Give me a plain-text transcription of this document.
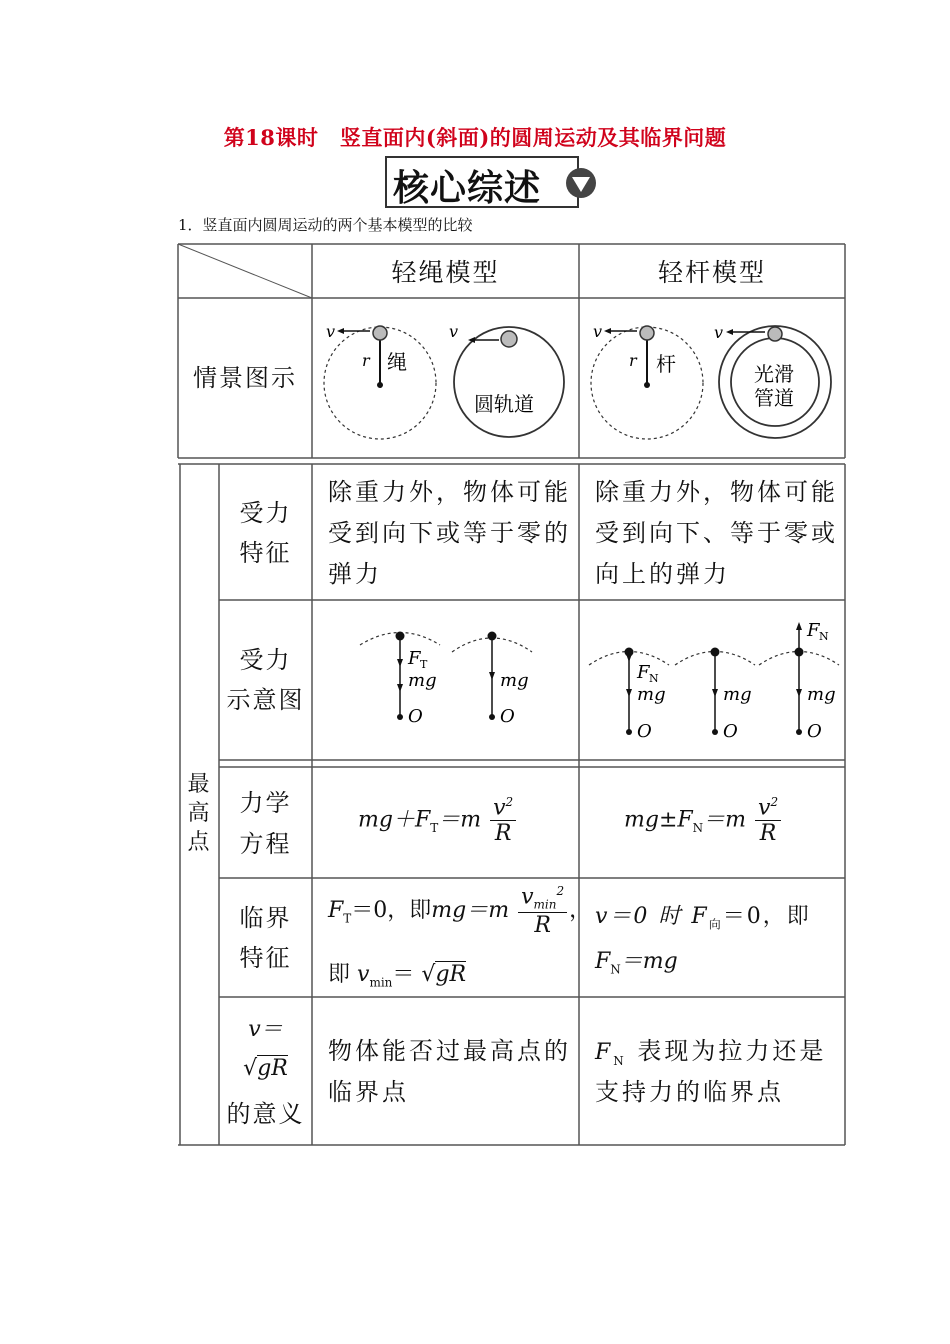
第18课时　竖直面内(斜面)的圆周运动及其临界问题
核心综述
1．竖直面内圆周运动的两个基本模型的比较
轻绳模型	轻杆模型
情景图示
v
r 绳
v
圆轨道
v
r 杆
v
光滑
管道
最高点
受力
特征
除重力外，物体可能
受到向下或等于零的
弹力
除重力外，物体可能
受到向下、等于零或
向上的弹力
受力
示意图
F T
mg
O
mg
O
F N
mg
O
mg
O
F N
mg
O
力学
方程
$mg+F_T=m \frac{v^2}{R}$	$mg\pm F_N=m \frac{v^2}{R}$
临界
特征
$F_T=0$，即$mg=m \frac{v_{min}^2}{R}$ ，
即 $v_{min}= √gR$
v＝0 时 $F_向=0$，即
$F_N=mg$
v＝
√gR
的意义
物体能否过最高点的
临界点
$F_N$ 表现为拉力还是
支持力的临界点
